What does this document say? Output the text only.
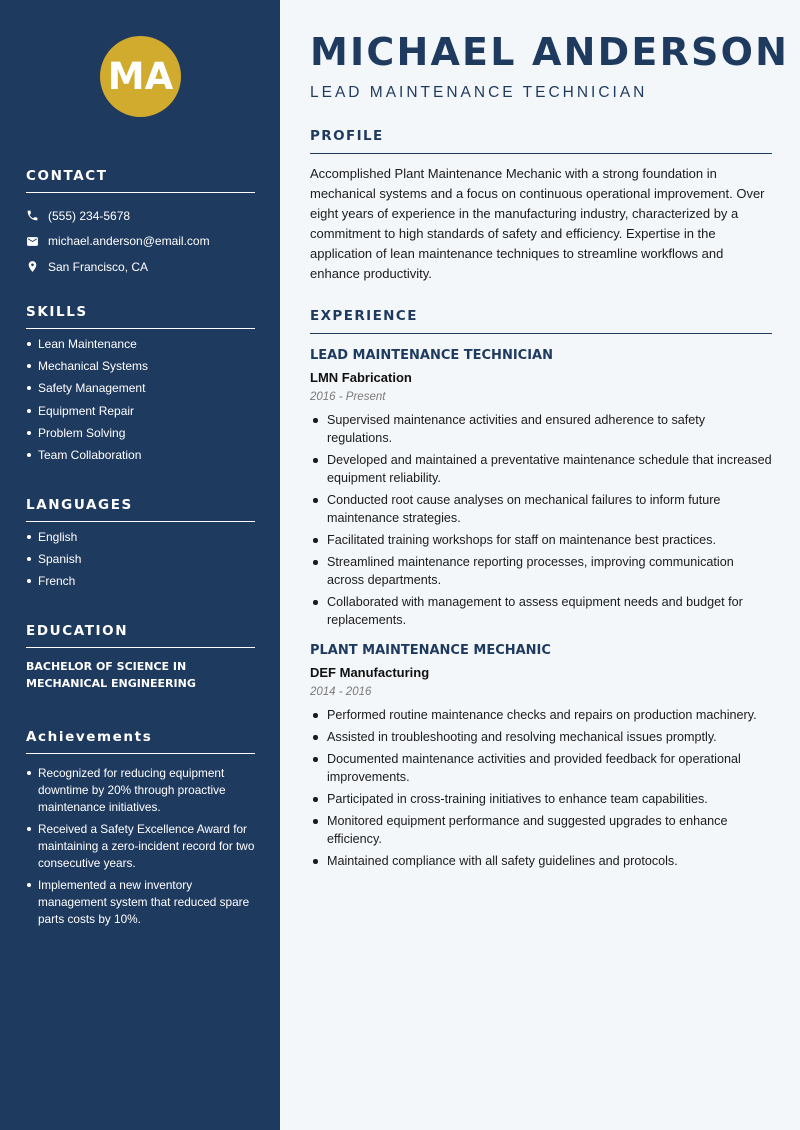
MA
CONTACT
(555) 234-5678
michael.anderson@email.com
San Francisco, CA
SKILLS
Lean Maintenance
Mechanical Systems
Safety Management
Equipment Repair
Problem Solving
Team Collaboration
LANGUAGES
English
Spanish
French
EDUCATION
BACHELOR OF SCIENCE IN MECHANICAL ENGINEERING
Achievements
Recognized for reducing equipment downtime by 20% through proactive maintenance initiatives.
Received a Safety Excellence Award for maintaining a zero-incident record for two consecutive years.
Implemented a new inventory management system that reduced spare parts costs by 10%.
MICHAEL ANDERSON
LEAD MAINTENANCE TECHNICIAN
PROFILE

Accomplished Plant Maintenance Mechanic with a strong foundation in mechanical systems and a focus on continuous operational improvement. Over eight years of experience in the manufacturing industry, characterized by a commitment to high standards of safety and efficiency. Expertise in the application of lean maintenance techniques to streamline workflows and enhance productivity.

EXPERIENCE
LEAD MAINTENANCE TECHNICIAN
LMN Fabrication
2016 - Present
Supervised maintenance activities and ensured adherence to safety regulations.
Developed and maintained a preventative maintenance schedule that increased equipment reliability.
Conducted root cause analyses on mechanical failures to inform future maintenance strategies.
Facilitated training workshops for staff on maintenance best practices.
Streamlined maintenance reporting processes, improving communication across departments.
Collaborated with management to assess equipment needs and budget for replacements.
PLANT MAINTENANCE MECHANIC
DEF Manufacturing
2014 - 2016
Performed routine maintenance checks and repairs on production machinery.
Assisted in troubleshooting and resolving mechanical issues promptly.
Documented maintenance activities and provided feedback for operational improvements.
Participated in cross-training initiatives to enhance team capabilities.
Monitored equipment performance and suggested upgrades to enhance efficiency.
Maintained compliance with all safety guidelines and protocols.
